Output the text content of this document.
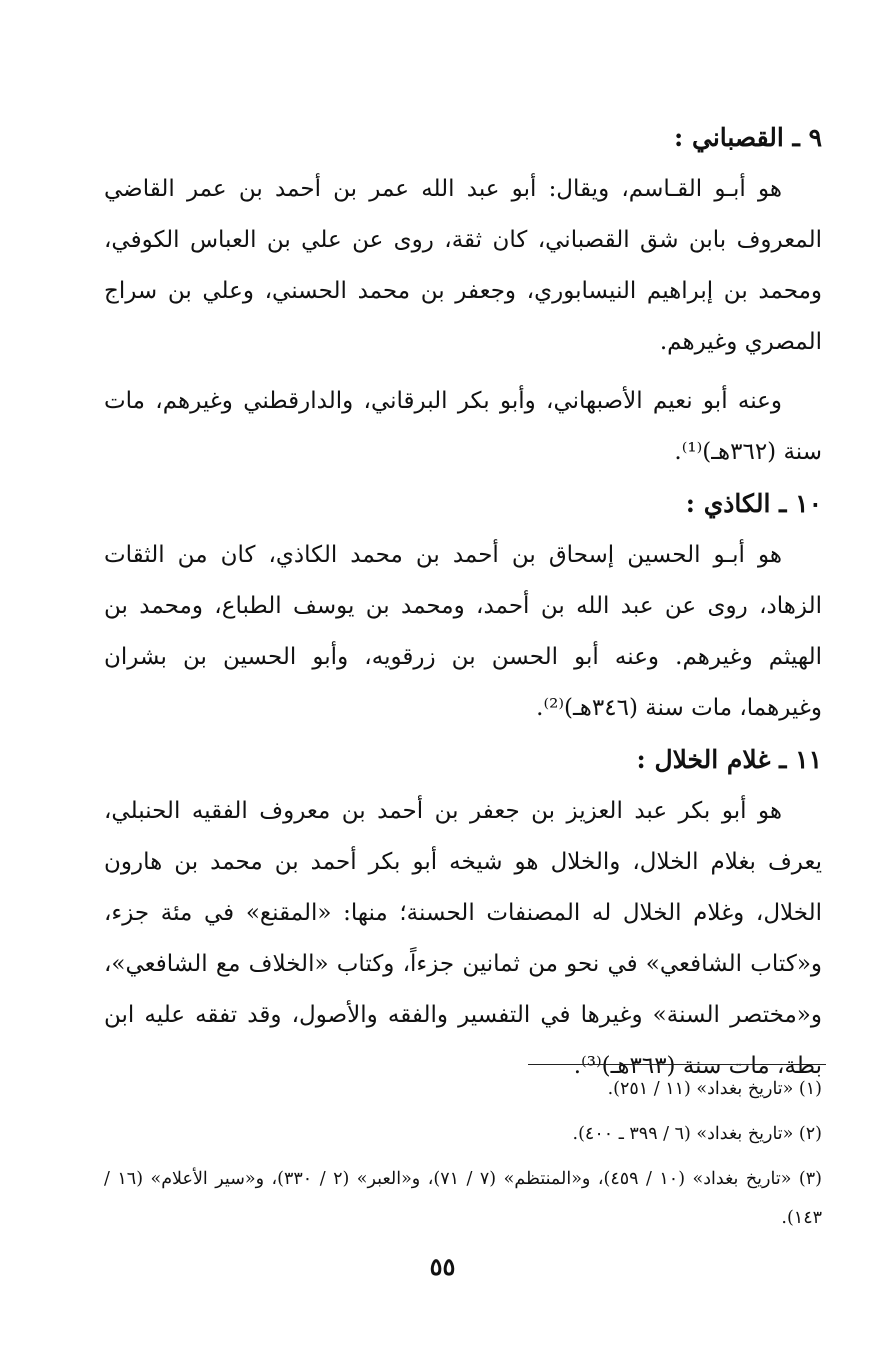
٩ ـ القصباني :

هو أبـو القـاسم، ويقال: أبو عبد الله عمر بن أحمد بن عمر القاضي المعروف بابن شق القصباني، كان ثقة، روى عن علي بن العباس الكوفي، ومحمد بن إبراهيم النيسابوري، وجعفر بن محمد الحسني، وعلي بن سراج المصري وغيرهم.

وعنه أبو نعيم الأصبهاني، وأبو بكر البرقاني، والدارقطني وغيرهم، مات سنة (٣٦٢هـ)⁽¹⁾.

١٠ ـ الكاذي :

هو أبـو الحسين إسحاق بن أحمد بن محمد الكاذي، كان من الثقات الزهاد، روى عن عبد الله بن أحمد، ومحمد بن يوسف الطباع، ومحمد بن الهيثم وغيرهم. وعنه أبو الحسن بن زرقويه، وأبو الحسين بن بشران وغيرهما، مات سنة (٣٤٦هـ)⁽²⁾.

١١ ـ غلام الخلال :

هو أبو بكر عبد العزيز بن جعفر بن أحمد بن معروف الفقيه الحنبلي، يعرف بغلام الخلال، والخلال هو شيخه أبو بكر أحمد بن محمد بن هارون الخلال، وغلام الخلال له المصنفات الحسنة؛ منها: «المقنع» في مئة جزء، و«كتاب الشافعي» في نحو من ثمانين جزءاً، وكتاب «الخلاف مع الشافعي»، و«مختصر السنة» وغيرها في التفسير والفقه والأصول، وقد تفقه عليه ابن بطة، مات سنة (٣٦٣هـ)⁽³⁾.

(١) «تاريخ بغداد» (١١ / ٢٥١).

(٢) «تاريخ بغداد» (٦ / ٣٩٩ ـ ٤٠٠).

(٣) «تاريخ بغداد» (١٠ / ٤٥٩)، و«المنتظم» (٧ / ٧١)، و«العبر» (٢ / ٣٣٠)، و«سير الأعلام» (١٦ / ١٤٣).

٥٥
